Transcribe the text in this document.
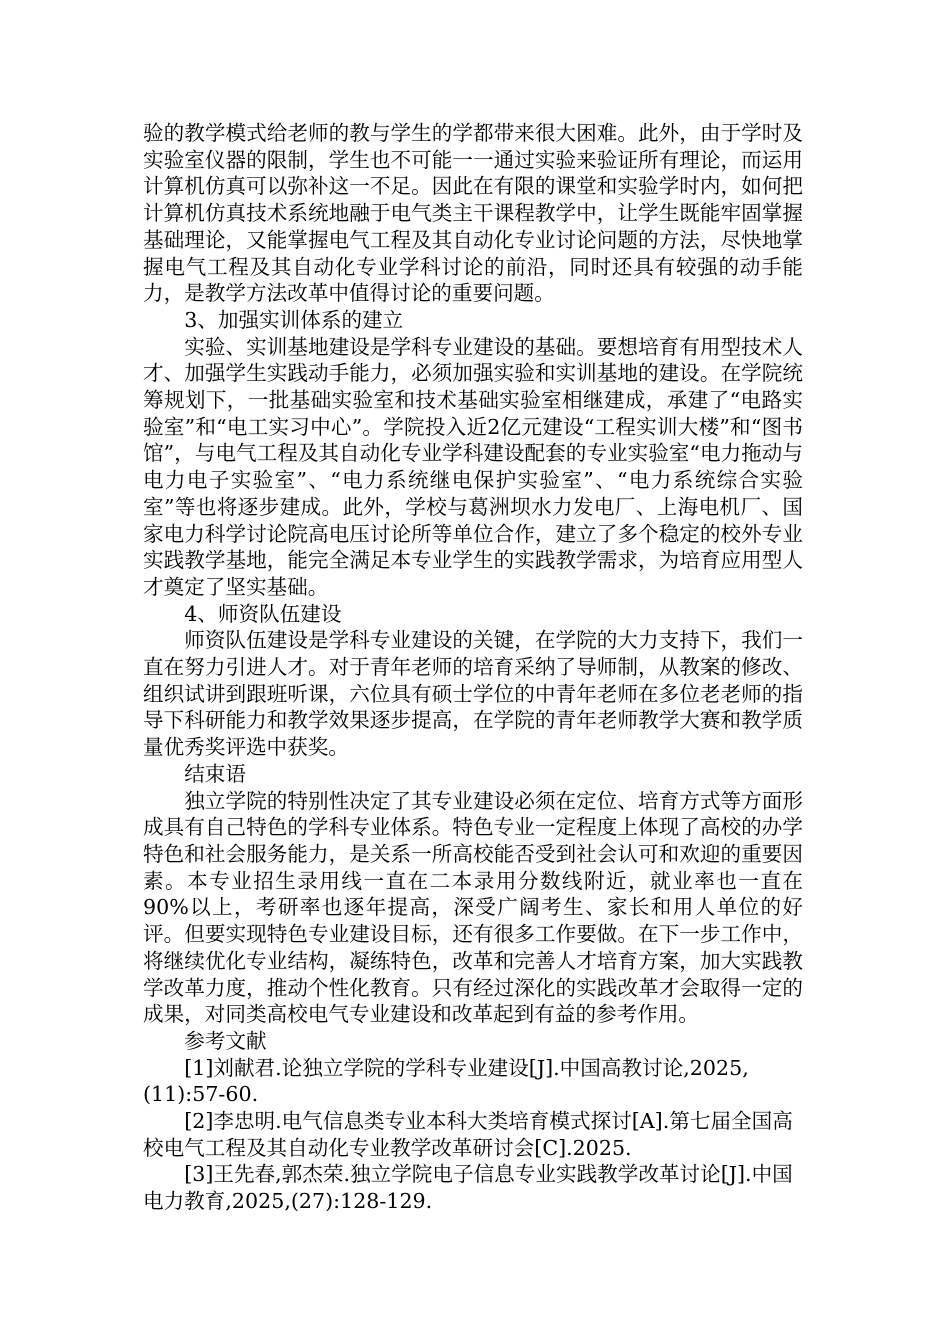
验的教学模式给老师的教与学生的学都带来很大困难。此外，由于学时及实验室仪器的限制，学生也不可能一一通过实验来验证所有理论，而运用计算机仿真可以弥补这一不足。因此在有限的课堂和实验学时内，如何把计算机仿真技术系统地融于电气类主干课程教学中，让学生既能牢固掌握基础理论，又能掌握电气工程及其自动化专业讨论问题的方法，尽快地掌握电气工程及其自动化专业学科讨论的前沿，同时还具有较强的动手能力，是教学方法改革中值得讨论的重要问题。

3、加强实训体系的建立

实验、实训基地建设是学科专业建设的基础。要想培育有用型技术人才、加强学生实践动手能力，必须加强实验和实训基地的建设。在学院统筹规划下，一批基础实验室和技术基础实验室相继建成，承建了“电路实验室”和“电工实习中心”。学院投入近2亿元建设“工程实训大楼”和“图书馆”，与电气工程及其自动化专业学科建设配套的专业实验室“电力拖动与电力电子实验室”、“电力系统继电保护实验室”、“电力系统综合实验室”等也将逐步建成。此外，学校与葛洲坝水力发电厂、上海电机厂、国家电力科学讨论院高电压讨论所等单位合作，建立了多个稳定的校外专业实践教学基地，能完全满足本专业学生的实践教学需求，为培育应用型人才奠定了坚实基础。

4、师资队伍建设

师资队伍建设是学科专业建设的关键，在学院的大力支持下，我们一直在努力引进人才。对于青年老师的培育采纳了导师制，从教案的修改、组织试讲到跟班听课，六位具有硕士学位的中青年老师在多位老老师的指导下科研能力和教学效果逐步提高，在学院的青年老师教学大赛和教学质量优秀奖评选中获奖。

结束语

独立学院的特别性决定了其专业建设必须在定位、培育方式等方面形成具有自己特色的学科专业体系。特色专业一定程度上体现了高校的办学特色和社会服务能力，是关系一所高校能否受到社会认可和欢迎的重要因素。本专业招生录用线一直在二本录用分数线附近，就业率也一直在90%以上，考研率也逐年提高，深受广阔考生、家长和用人单位的好评。但要实现特色专业建设目标，还有很多工作要做。在下一步工作中，将继续优化专业结构，凝练特色，改革和完善人才培育方案，加大实践教学改革力度，推动个性化教育。只有经过深化的实践改革才会取得一定的成果，对同类高校电气专业建设和改革起到有益的参考作用。

参考文献

[1]刘献君.论独立学院的学科专业建设[J].中国高教讨论,2025,(11):57-60.

[2]李忠明.电气信息类专业本科大类培育模式探讨[A].第七届全国高校电气工程及其自动化专业教学改革研讨会[C].2025.

[3]王先春,郭杰荣.独立学院电子信息专业实践教学改革讨论[J].中国电力教育,2025,(27):128-129.
